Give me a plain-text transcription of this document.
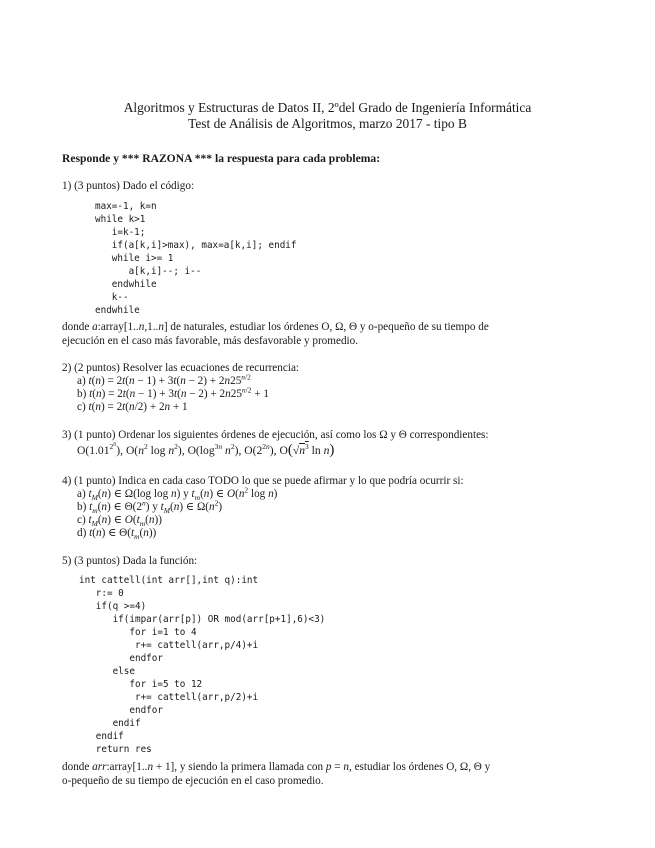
Algoritmos y Estructuras de Datos II, 2ºdel Grado de Ingeniería Informática
Test de Análisis de Algoritmos, marzo 2017 - tipo B
Responde y *** RAZONA *** la respuesta para cada problema:
1) (3 puntos) Dado el código:
max=-1, k=n
while k>1
i=k-1;
if(a[k,i]>max), max=a[k,i]; endif
while i>= 1
a[k,i]--; i--
endwhile
k--
endwhile
donde a:array[1..n,1..n] de naturales, estudiar los órdenes O, Ω, Θ y o-pequeño de su tiempo de
ejecución en el caso más favorable, más desfavorable y promedio.
2) (2 puntos) Resolver las ecuaciones de recurrencia:
a) $t(n) = 2t(n - 1) + 3t(n - 2) + 2n25^{n/2}$
b) $t(n) = 2t(n - 1) + 3t(n - 2) + 2n25^{n/2} + 1$
c) t(n) = 2t(n/2) + 2n + 1
3) (1 punto) Ordenar los siguientes órdenes de ejecución, así como los Ω y Θ correspondientes:
$O(1.01^{2^n})$, $O(n^2$ $\log n^2$), $O(\log^{3n}$ $n^2$), $O(2^{2n})$, $O(√n^3$ ln n)
4) (1 punto) Indica en cada caso TODO lo que se puede afirmar y lo que podría ocurrir si:
a) $t_M(n)$ ∈ Ω(log log n) y $t_m(n)$ ∈ $O(n^2$ log n)
b) $t_m(n)$ ∈ Θ(2$^n$) y $t_M(n)$ ∈ $\Omega(n^2)$
c) $t_M(n)$ ∈ $O(t_m(n))$
d) t(n) ∈ $\Theta(t_m(n))$
5) (3 puntos) Dada la función:
int cattell(int arr[],int q):int
r:= 0
if(q >=4)
if(impar(arr[p]) OR mod(arr[p+1],6)<3)
for i=1 to 4
r+= cattell(arr,p/4)+i
endfor
else
for i=5 to 12
r+= cattell(arr,p/2)+i
endfor
endif
endif
return res
donde arr:array[1..n + 1], y siendo la primera llamada con p = n, estudiar los órdenes O, Ω, Θ y
o-pequeño de su tiempo de ejecución en el caso promedio.
